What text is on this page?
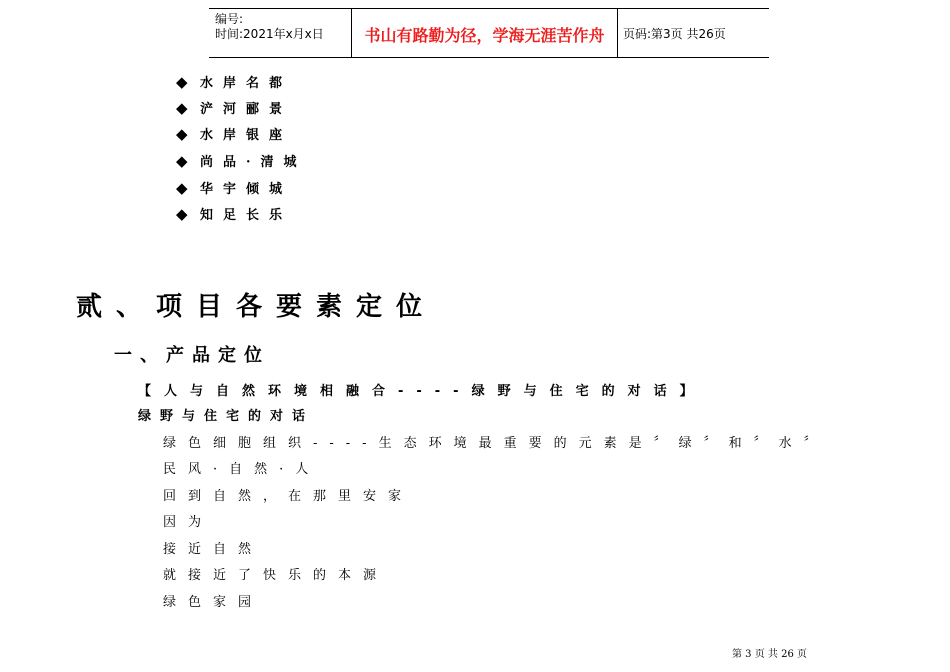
编号:
时间:2021年x月x日	书山有路勤为径，学海无涯苦作舟	页码:第3页 共26页
◆ 水岸名都
◆ 浐河郦景
◆ 水岸银座
◆ 尚品·清城
◆ 华宇倾城
◆ 知足长乐
贰、项目各要素定位
一、产品定位
【人与自然环境相融合----绿野与住宅的对话】
绿野与住宅的对话
绿色细胞组织----生态环境最重要的元素是〞绿〞和〞水〞
民风·自然·人
回到自然，在那里安家
因为
接近自然
就接近了快乐的本源
绿色家园
第 3 页 共 26 页
